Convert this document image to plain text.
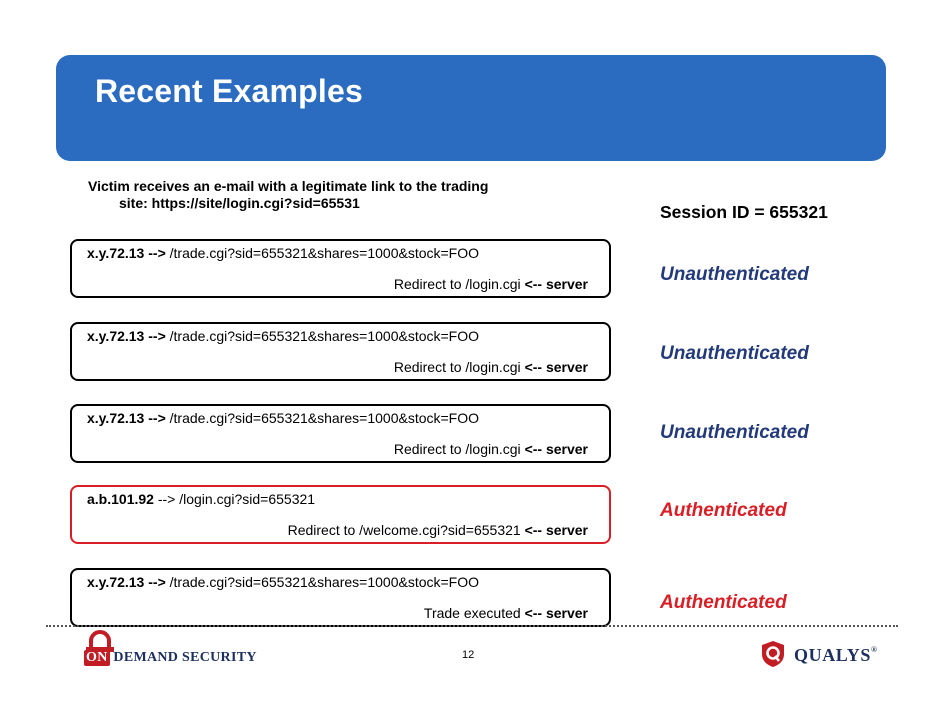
Recent Examples
Victim receives an e-mail with a legitimate link to the trading
site: https://site/login.cgi?sid=65531	Session ID = 655321
x.y.72.13 --> /trade.cgi?sid=655321&shares=1000&stock=FOO
Redirect to /login.cgi <-- server	Unauthenticated
x.y.72.13 --> /trade.cgi?sid=655321&shares=1000&stock=FOO
Redirect to /login.cgi <-- server
Unauthenticated
x.y.72.13 --> /trade.cgi?sid=655321&shares=1000&stock=FOO
Redirect to /login.cgi <-- server
Unauthenticated
a.b.101.92 --> /login.cgi?sid=655321
Redirect to /welcome.cgi?sid=655321 <-- server
Authenticated
x.y.72.13 --> /trade.cgi?sid=655321&shares=1000&stock=FOO
Trade executed <-- server	Authenticated
ON DEMAND SECURITY	12	QUALYS®
